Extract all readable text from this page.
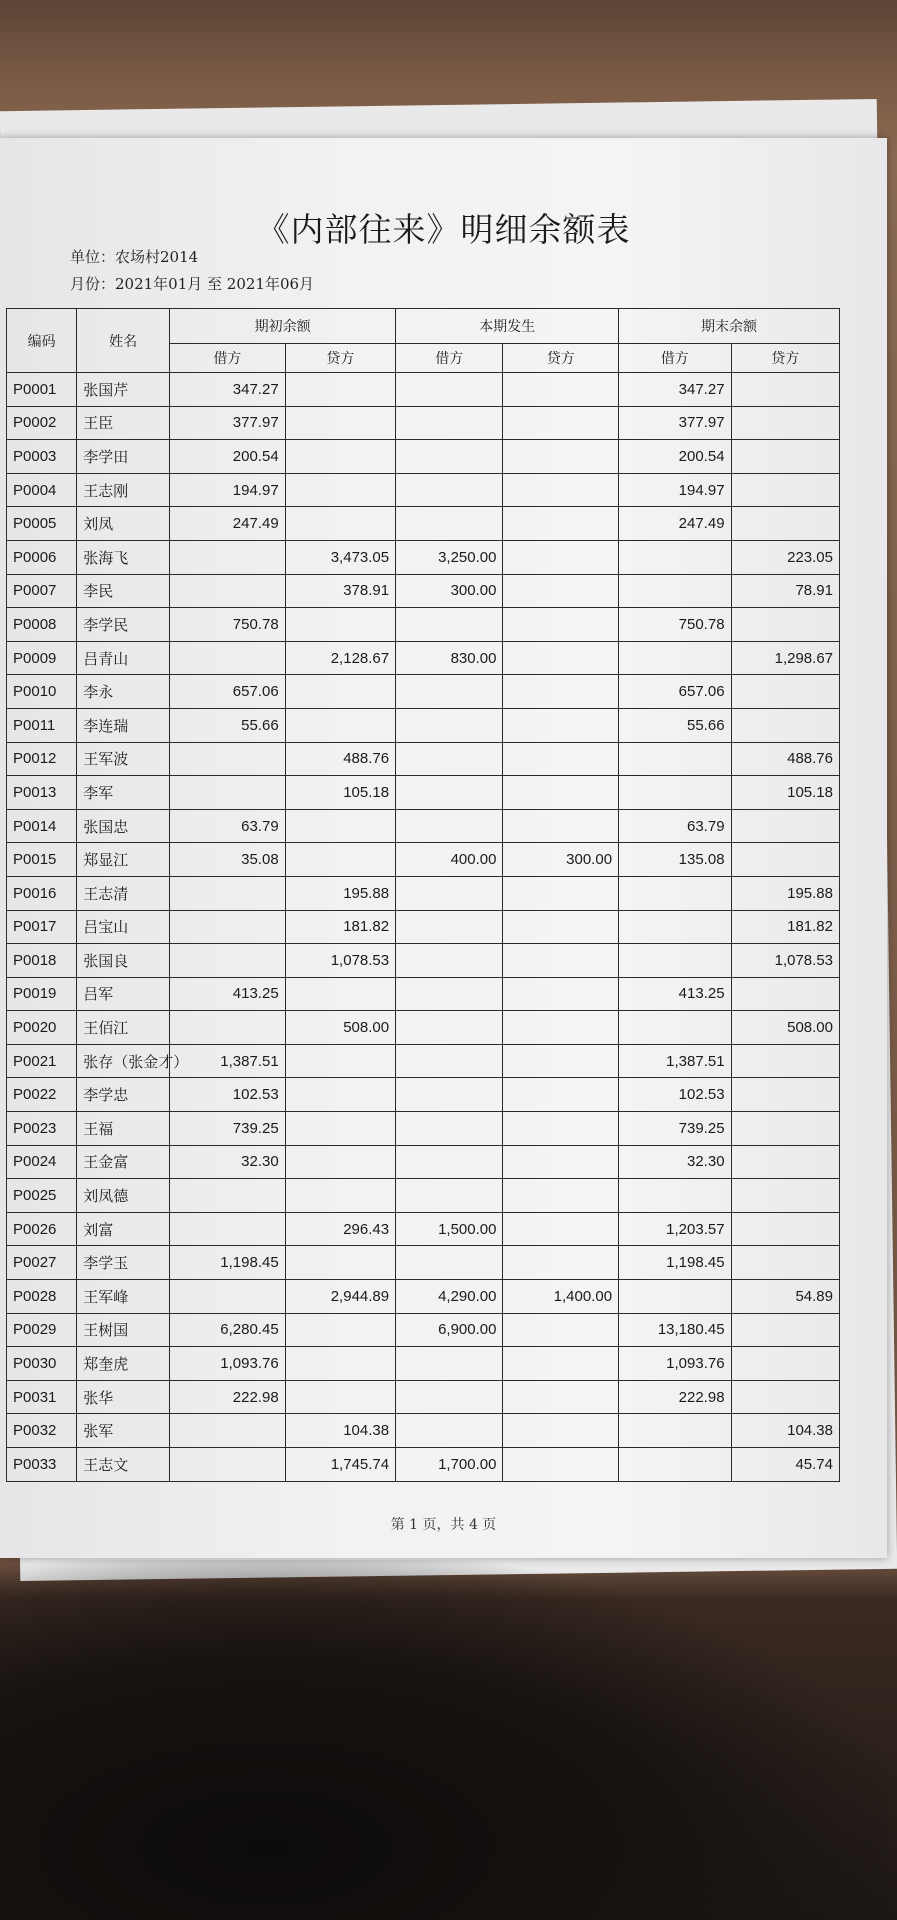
《内部往来》明细余额表
单位：农场村2014
月份：2021年01月 至 2021年06月
编码	姓名	期初余额		本期发生		期末余额	
		借方	贷方	借方	贷方	借方	贷方
P0001	张国芹	347.27				347.27	
P0002	王臣	377.97				377.97	
P0003	李学田	200.54				200.54	
P0004	王志刚	194.97				194.97	
P0005	刘凤	247.49				247.49	
P0006	张海飞		3,473.05	3,250.00			223.05
P0007	李民		378.91	300.00			78.91
P0008	李学民	750.78				750.78	
P0009	吕青山		2,128.67	830.00			1,298.67
P0010	李永	657.06				657.06	
P0011	李连瑞	55.66				55.66	
P0012	王军波		488.76				488.76
P0013	李军		105.18				105.18
P0014	张国忠	63.79				63.79	
P0015	郑显江	35.08		400.00	300.00	135.08	
P0016	王志清		195.88				195.88
P0017	吕宝山		181.82				181.82
P0018	张国良		1,078.53				1,078.53
P0019	吕军	413.25				413.25	
P0020	王佰江		508.00				508.00
P0021	张存（张金才）	1,387.51				1,387.51	
P0022	李学忠	102.53				102.53	
P0023	王福	739.25				739.25	
P0024	王金富	32.30				32.30	
P0025	刘凤德						
P0026	刘富		296.43	1,500.00		1,203.57	
P0027	李学玉	1,198.45				1,198.45	
P0028	王军峰		2,944.89	4,290.00	1,400.00		54.89
P0029	王树国	6,280.45		6,900.00		13,180.45	
P0030	郑奎虎	1,093.76				1,093.76	
P0031	张华	222.98				222.98	
P0032	张军		104.38				104.38
P0033	王志文		1,745.74	1,700.00			45.74
第 1 页，共 4 页
